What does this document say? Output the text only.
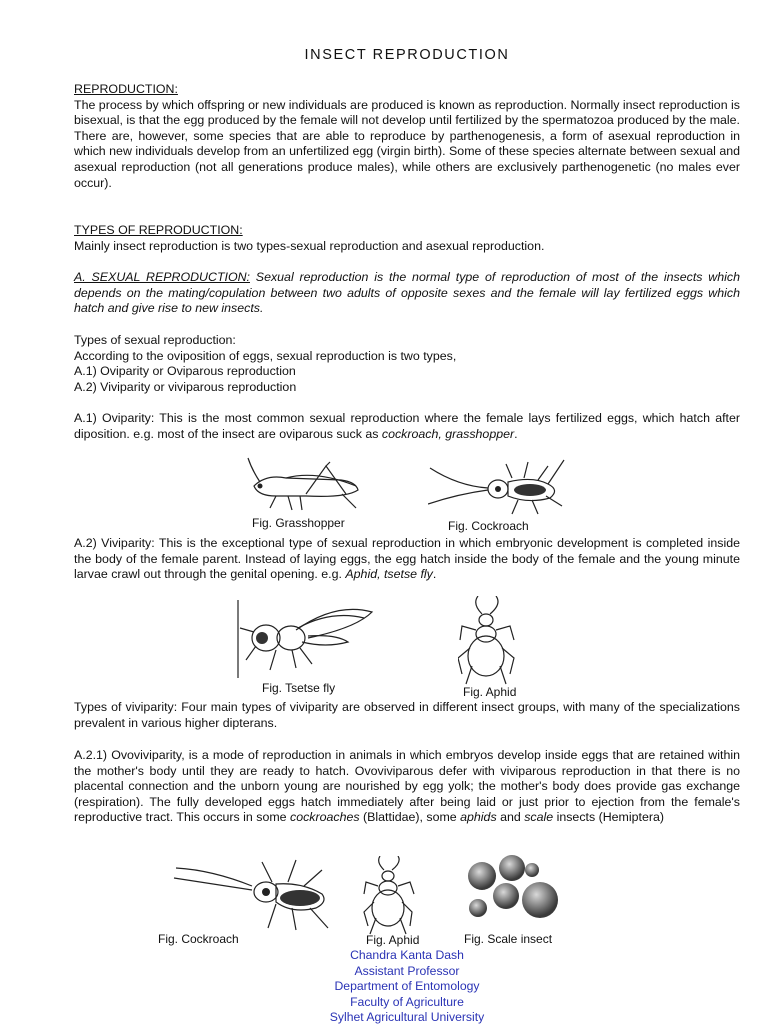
INSECT REPRODUCTION
REPRODUCTION:
The process by which offspring or new individuals are produced is known as reproduction. Normally insect reproduction is bisexual, is that the egg produced by the female will not develop until fertilized by the spermatozoa produced by the male. There are, however, some species that are able to reproduce by parthenogenesis, a form of asexual reproduction in which new individuals develop from an unfertilized egg (virgin birth). Some of these species alternate between sexual and asexual reproduction (not all generations produce males), while others are exclusively parthenogenetic (no males ever occur).
TYPES OF REPRODUCTION:
Mainly insect reproduction is two types-sexual reproduction and asexual reproduction.
A. SEXUAL REPRODUCTION: Sexual reproduction is the normal type of reproduction of most of the insects which depends on the mating/copulation between two adults of opposite sexes and the female will lay fertilized eggs which hatch and give rise to new insects.
Types of sexual reproduction:
According to the oviposition of eggs, sexual reproduction is two types,
A.1) Oviparity or Oviparous reproduction
A.2) Viviparity or viviparous reproduction
A.1) Oviparity: This is the most common sexual reproduction where the female lays fertilized eggs, which hatch after diposition. e.g. most of the insect are oviparous suck as cockroach, grasshopper.
A.2) Viviparity: This is the exceptional type of sexual reproduction in which embryonic development is completed inside the body of the female parent. Instead of laying eggs, the egg hatch inside the body of the female and the young minute larvae crawl out through the genital opening. e.g. Aphid, tsetse fly.
Types of viviparity: Four main types of viviparity are observed in different insect groups, with many of the specializations prevalent in various higher dipterans.
A.2.1) Ovoviviparity, is a mode of reproduction in animals in which embryos develop inside eggs that are retained within the mother's body until they are ready to hatch. Ovoviviparous defer with viviparous reproduction in that there is no placental connection and the unborn young are nourished by egg yolk; the mother's body does provide gas exchange (respiration). The fully developed eggs hatch immediately after being laid or just prior to ejection from the female's reproductive tract. This occurs in some cockroaches (Blattidae), some aphids and scale insects (Hemiptera)
Fig. Grasshopper	Fig. Cockroach
Fig. Tsetse fly	Fig. Aphid
Fig. Cockroach	Fig. Aphid	Fig. Scale insect
Chandra Kanta Dash
Assistant Professor
Department of Entomology
Faculty of Agriculture
Sylhet Agricultural University
